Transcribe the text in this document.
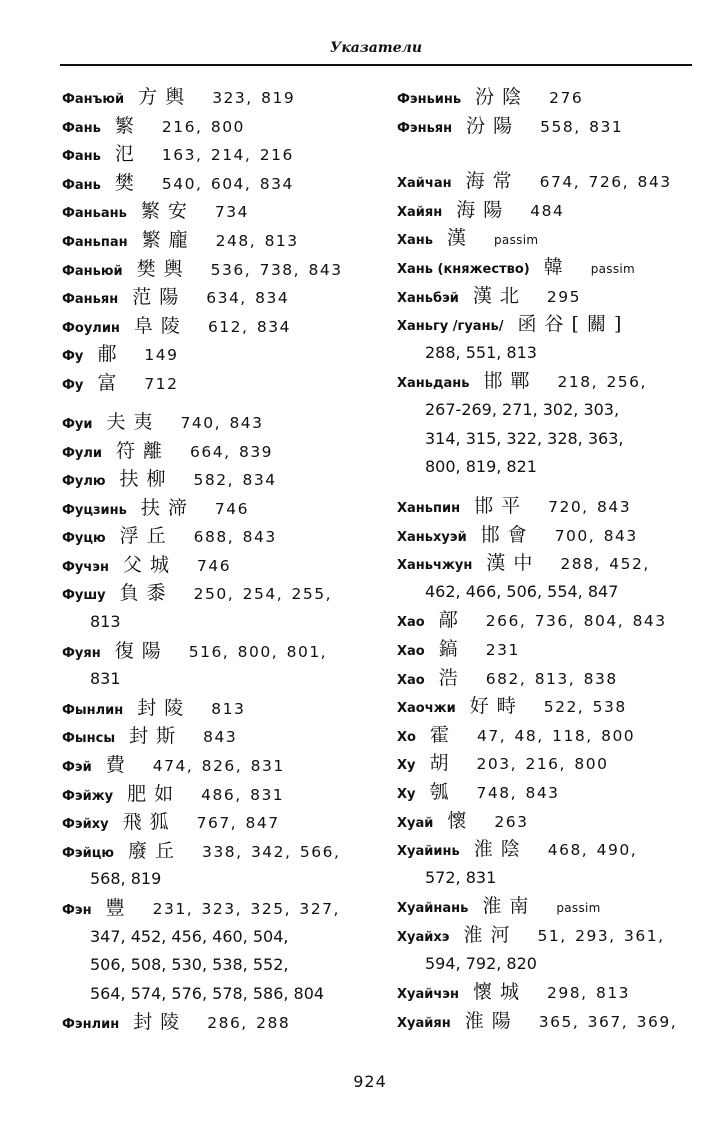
Указатели
Фанъюй 方輿 323, 819
Фань 繁 216, 800
Фань 氾 163, 214, 216
Фань 樊 540, 604, 834
Фаньань 繁安 734
Фаньпан 繁龐 248, 813
Фаньюй 樊輿 536, 738, 843
Фаньян 范陽 634, 834
Фоулин 阜陵 612, 834
Фу 郙 149
Фу 富 712
Фуи 夫夷 740, 843
Фули 符離 664, 839
Фулю 扶柳 582, 834
Фуцзинь 扶渧 746
Фуцю 浮丘 688, 843
Фучэн 父城 746
Фушу 負黍 250, 254, 255,
813
Фуян 復陽 516, 800, 801,
831
Фынлин 封陵 813
Фынсы 封斯 843
Фэй 費 474, 826, 831
Фэйжу 肥如 486, 831
Фэйху 飛狐 767, 847
Фэйцю 廢丘 338, 342, 566,
568, 819
Фэн 豐 231, 323, 325, 327,
347, 452, 456, 460, 504,
506, 508, 530, 538, 552,
564, 574, 576, 578, 586, 804
Фэнлин 封陵 286, 288
Фэньинь 汾陰 276
Фэньян 汾陽 558, 831
Хайчан 海常 674, 726, 843
Хайян 海陽 484
Хань 漢 passim
Хань (княжество) 韓 passim
Ханьбэй 漢北 295
Ханьгу /гуань/ 函谷[關]
288, 551, 813
Ханьдань 邯鄲 218, 256,
267-269, 271, 302, 303,
314, 315, 322, 328, 363,
800, 819, 821
Ханьпин 邯平 720, 843
Ханьхуэй 邯會 700, 843
Ханьчжун 漢中 288, 452,
462, 466, 506, 554, 847
Хао 鄗 266, 736, 804, 843
Хао 鎬 231
Хао 浩 682, 813, 838
Хаочжи 好畤 522, 538
Хо 霍 47, 48, 118, 800
Ху 胡 203, 216, 800
Ху 瓠 748, 843
Хуай 懷 263
Хуайинь 淮陰 468, 490,
572, 831
Хуайнань 淮南 passim
Хуайхэ 淮河 51, 293, 361,
594, 792, 820
Хуайчэн 懷城 298, 813
Хуайян 淮陽 365, 367, 369,
924
